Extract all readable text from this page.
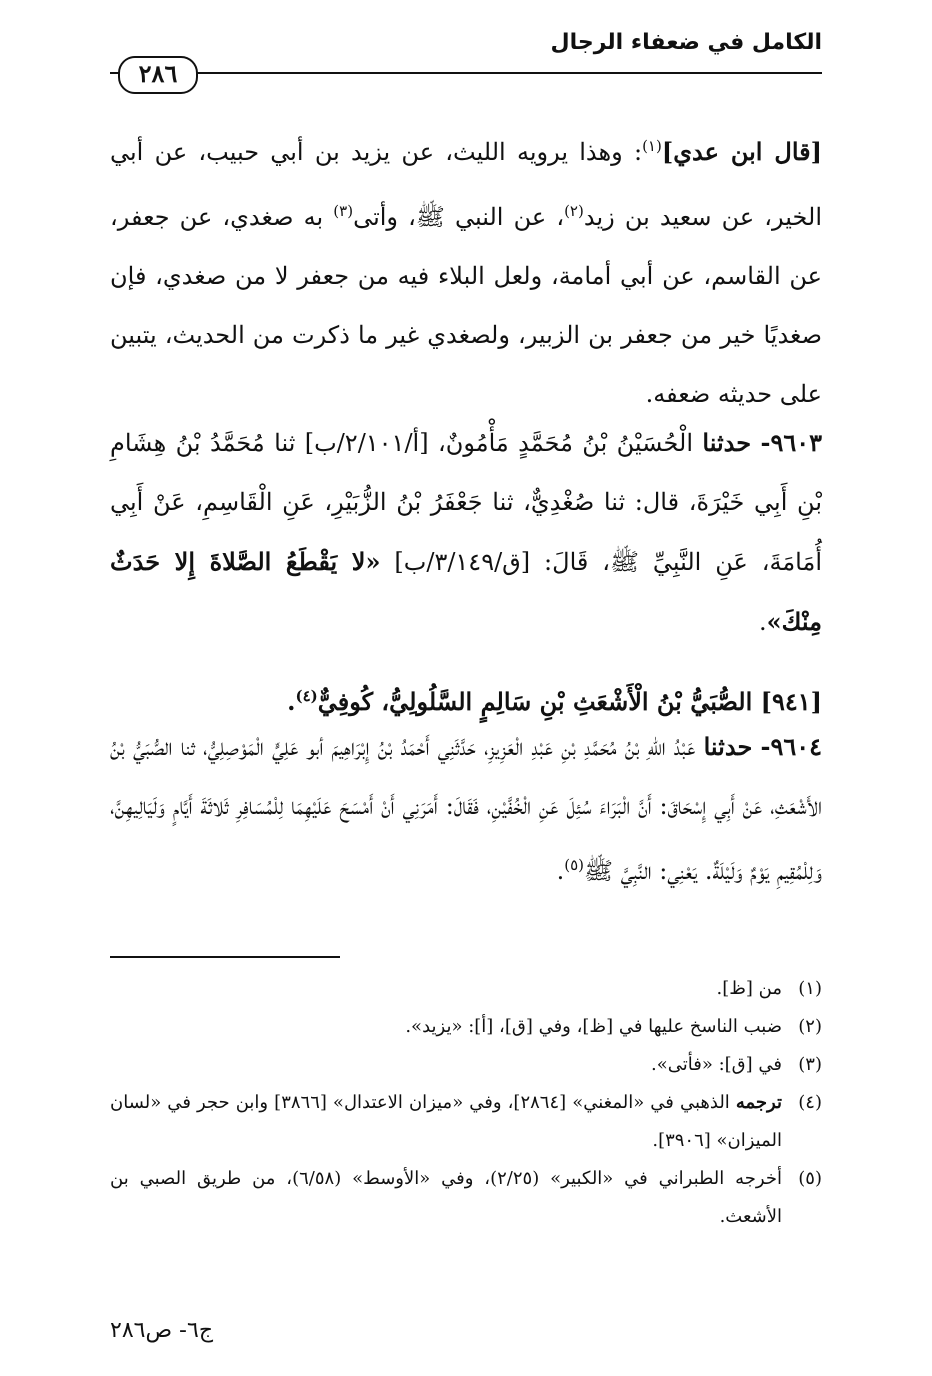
الكامل في ضعفاء الرجال
٢٨٦
[قال ابن عدي]$^{(١)}$: وهذا يرويه الليث، عن يزيد بن أبي حبيب، عن أبي الخير، عن سعيد بن زيد$^{(٢)}$، عن النبي ﷺ، وأتى$^{(٣)}$ به صغدي، عن جعفر، عن القاسم، عن أبي أمامة، ولعل البلاء فيه من جعفر لا من صغدي، فإن صغديًا خير من جعفر بن الزبير، ولصغدي غير ما ذكرت من الحديث، يتبين على حديثه ضعفه.
٩٦٠٣- حدثنا الْحُسَيْنُ بْنُ مُحَمَّدٍ مَأْمُونٌ، [أ/٢/١٠١/ب] ثنا مُحَمَّدُ بْنُ هِشَامِ بْنِ أَبِي خَيْرَةَ، قال: ثنا صُغْدِيٌّ، ثنا جَعْفَرُ بْنُ الزُّبَيْرِ، عَنِ الْقَاسِمِ، عَنْ أَبِي أُمَامَةَ، عَنِ النَّبِيِّ ﷺ، قَالَ: [ق/٣/١٤٩/ب] «لا يَقْطَعُ الصَّلاةَ إِلا حَدَثٌ مِنْكَ».
[٩٤١] الصُّبَيُّ بْنُ الْأَشْعَثِ بْنِ سَالِمٍ السَّلُولِيُّ، كُوفِيٌّ$^{(٤)}$.
٩٦٠٤- حدثنا عَبْدُ اللهِ بْنُ مُحَمَّدِ بْنِ عَبْدِ الْعَزِيزِ، حَدَّثَنِي أَحْمَدُ بْنُ إِبْرَاهِيمَ أبو عَلِيٍّ الْمَوْصِلِيُّ، ثنا الصُّبَيُّ بْنُ الأَشْعَثِ، عَنْ أَبِي إِسْحَاقَ: أَنَّ الْبَرَاءَ سُئِلَ عَنِ الْخُفَّيْنِ، فَقَالَ: أَمَرَنِي أَنْ أَمْسَحَ عَلَيْهِمَا لِلْمُسَافِرِ ثَلاثَةَ أَيَّامٍ وَلَيَالِيهِنَّ، وَلِلْمُقِيمِ يَوْمٌ وَلَيْلَةٌ. يَعْنِي: النَّبِيَّ ﷺ$^{(٥)}$.
(١)
من [ظ].
(٢)
ضبب الناسخ عليها في [ظ]، وفي [ق]، [أ]: «يزيد».
(٣)
في [ق]: «فأتى».
(٤)
ترجمه الذهبي في «المغني» [٢٨٦٤]، وفي «ميزان الاعتدال» [٣٨٦٦] وابن حجر في «لسان الميزان» [٣٩٠٦].
(٥)
أخرجه الطبراني في «الكبير» (٢/٢٥)، وفي «الأوسط» (٦/٥٨)، من طريق الصبي بن الأشعث.
ج٦- ص٢٨٦
